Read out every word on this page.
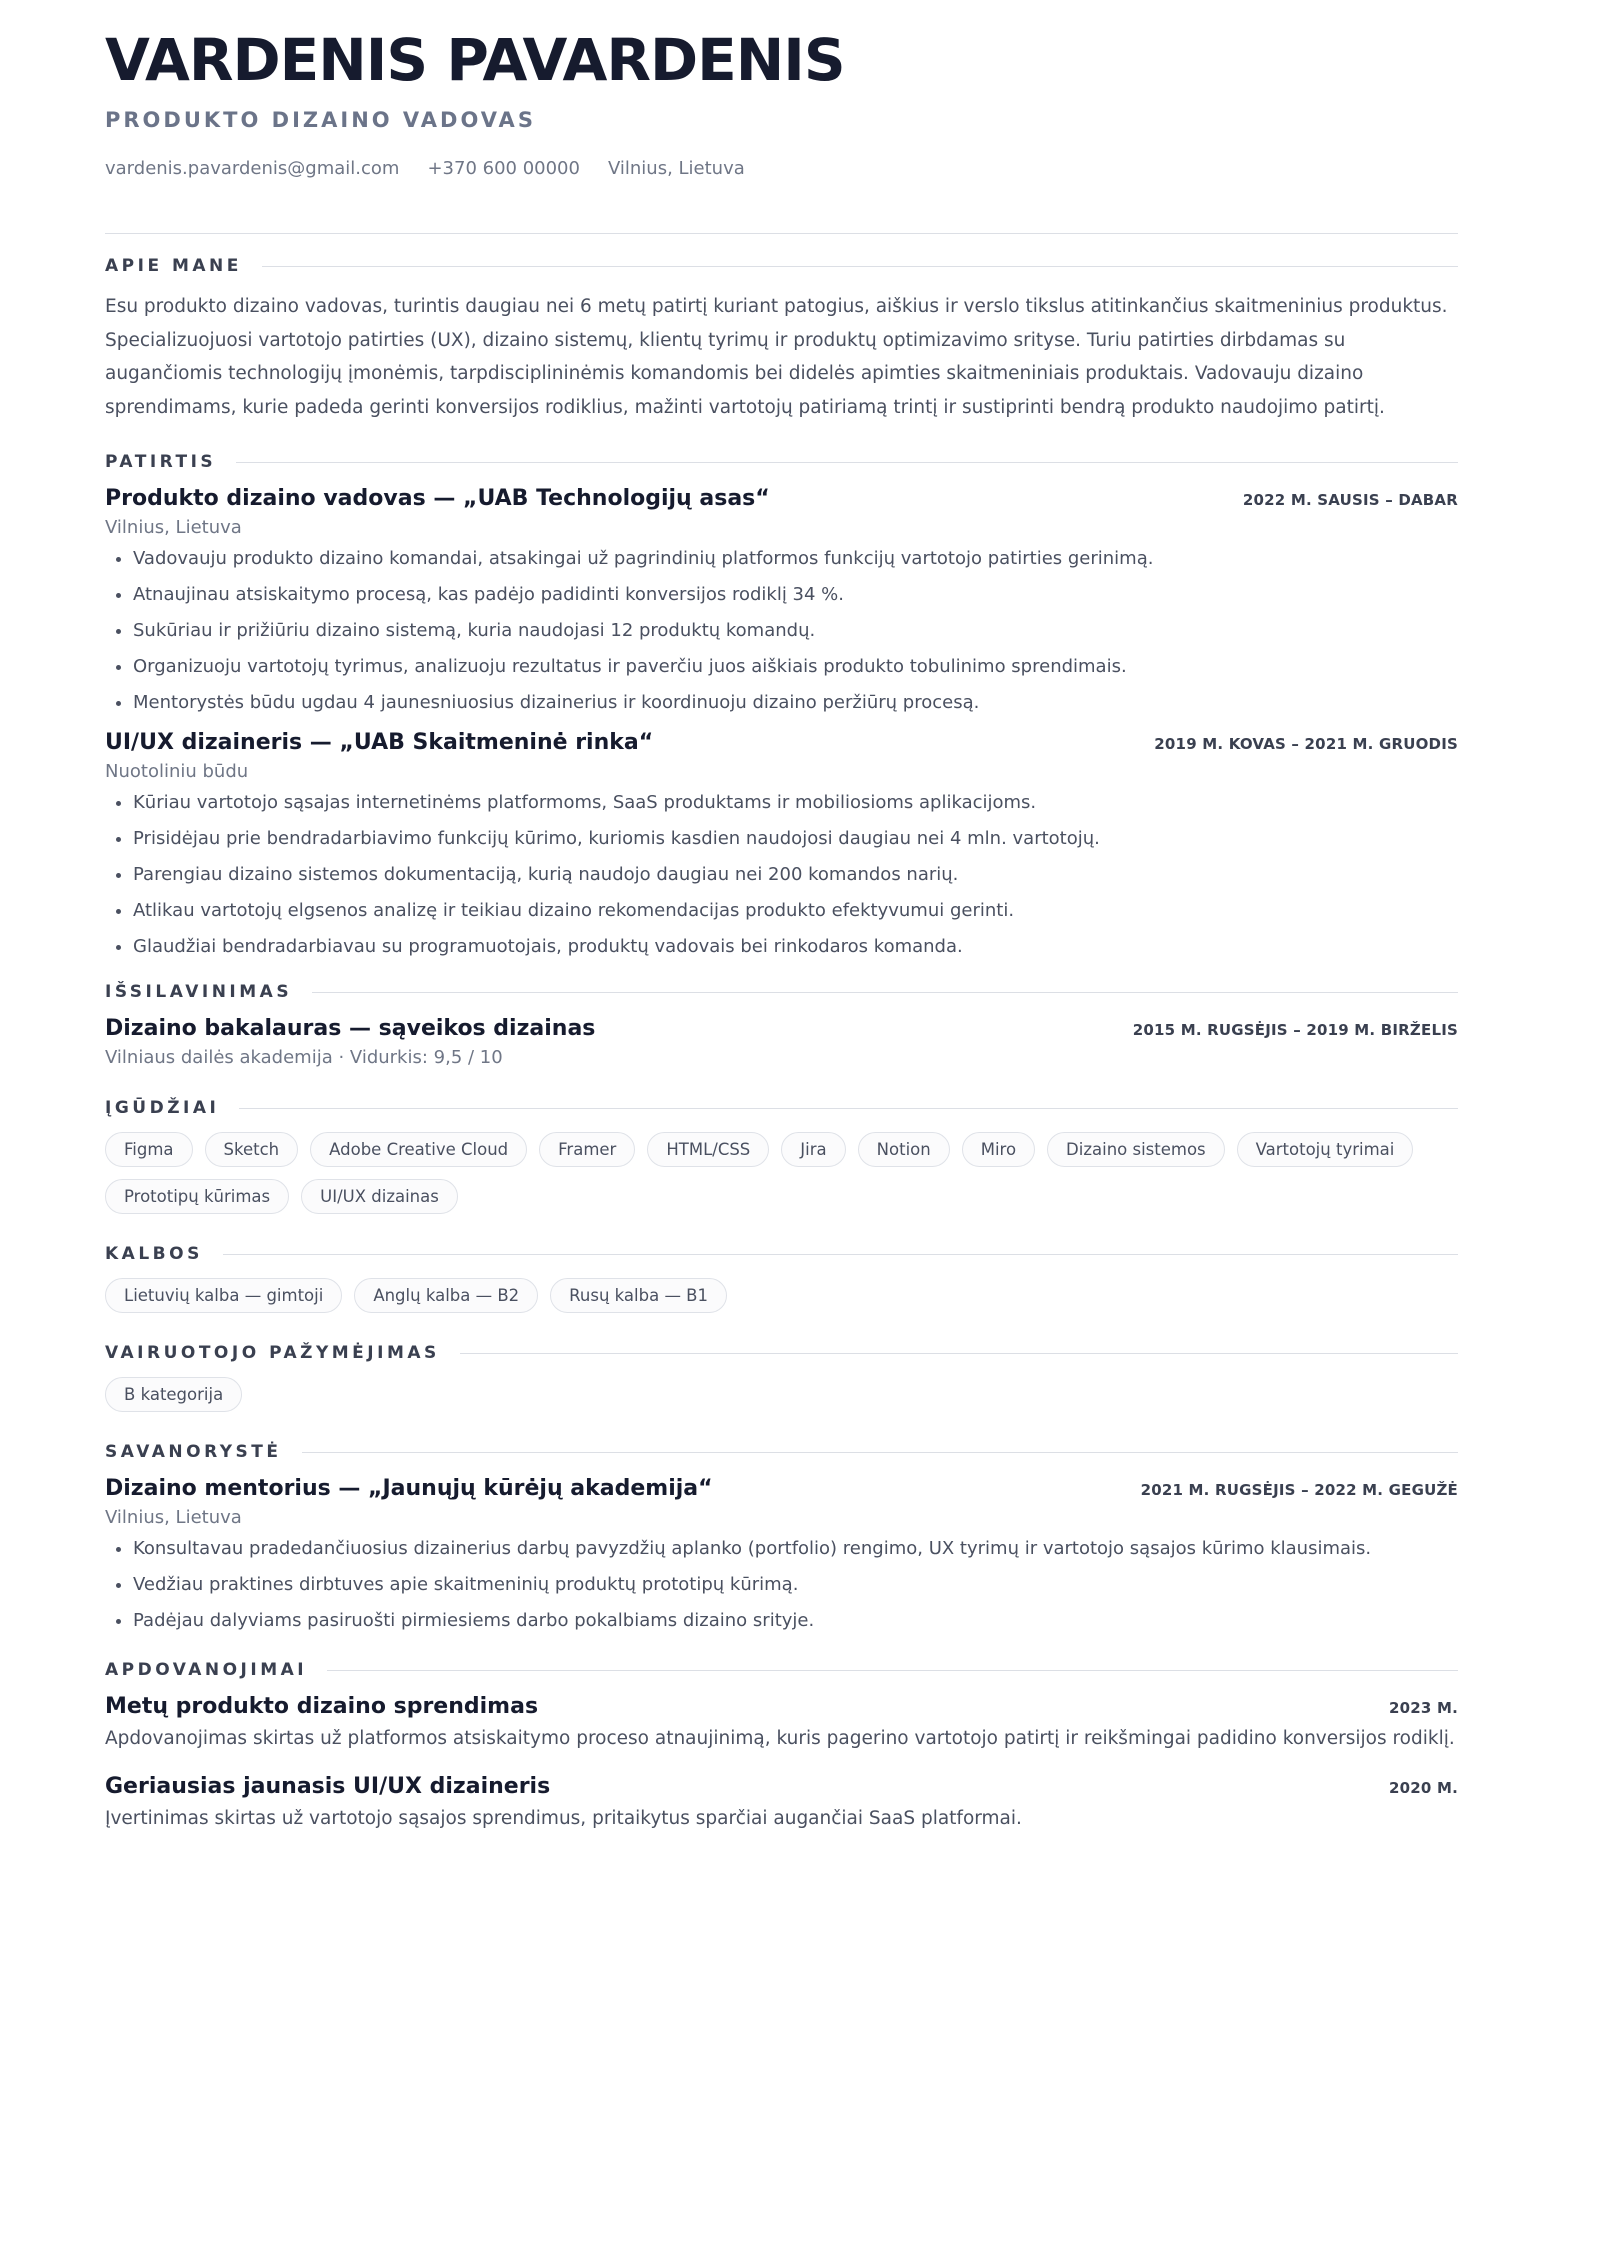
VARDENIS PAVARDENIS
PRODUKTO DIZAINO VADOVAS
vardenis.pavardenis@gmail.com +370 600 00000 Vilnius, Lietuva
APIE MANE
Esu produkto dizaino vadovas, turintis daugiau nei 6 metų patirtį kuriant patogius, aiškius ir verslo tikslus atitinkančius skaitmeninius produktus. Specializuojuosi vartotojo patirties (UX), dizaino sistemų, klientų tyrimų ir produktų optimizavimo srityse. Turiu patirties dirbdamas su augančiomis technologijų įmonėmis, tarpdisciplininėmis komandomis bei didelės apimties skaitmeniniais produktais. Vadovauju dizaino sprendimams, kurie padeda gerinti konversijos rodiklius, mažinti vartotojų patiriamą trintį ir sustiprinti bendrą produkto naudojimo patirtį.
PATIRTIS
Produkto dizaino vadovas — „UAB Technologijų asas“	2022 M. SAUSIS – DABAR
Vilnius, Lietuva
• Vadovauju produkto dizaino komandai, atsakingai už pagrindinių platformos funkcijų vartotojo patirties gerinimą.
• Atnaujinau atsiskaitymo procesą, kas padėjo padidinti konversijos rodiklį 34 %.
• Sukūriau ir prižiūriu dizaino sistemą, kuria naudojasi 12 produktų komandų.
• Organizuoju vartotojų tyrimus, analizuoju rezultatus ir paverčiu juos aiškiais produkto tobulinimo sprendimais.
• Mentorystės būdu ugdau 4 jaunesniuosius dizainerius ir koordinuoju dizaino peržiūrų procesą.
UI/UX dizaineris — „UAB Skaitmeninė rinka“	2019 M. KOVAS – 2021 M. GRUODIS
Nuotoliniu būdu
• Kūriau vartotojo sąsajas internetinėms platformoms, SaaS produktams ir mobiliosioms aplikacijoms.
• Prisidėjau prie bendradarbiavimo funkcijų kūrimo, kuriomis kasdien naudojosi daugiau nei 4 mln. vartotojų.
• Parengiau dizaino sistemos dokumentaciją, kurią naudojo daugiau nei 200 komandos narių.
• Atlikau vartotojų elgsenos analizę ir teikiau dizaino rekomendacijas produkto efektyvumui gerinti.
• Glaudžiai bendradarbiavau su programuotojais, produktų vadovais bei rinkodaros komanda.
IŠSILAVINIMAS
Dizaino bakalauras — sąveikos dizainas	2015 M. RUGSĖJIS – 2019 M. BIRŽELIS
Vilniaus dailės akademija · Vidurkis: 9,5 / 10
ĮGŪDŽIAI
Figma	Sketch	Adobe Creative Cloud	Framer	HTML/CSS	Jira	Notion	Miro	Dizaino sistemos	Vartotojų tyrimai
Prototipų kūrimas	UI/UX dizainas
KALBOS
Lietuvių kalba — gimtoji	Anglų kalba — B2	Rusų kalba — B1
VAIRUOTOJO PAŽYMĖJIMAS
B kategorija
SAVANORYSTĖ
Dizaino mentorius — „Jaunųjų kūrėjų akademija“	2021 M. RUGSĖJIS – 2022 M. GEGUŽĖ
Vilnius, Lietuva
• Konsultavau pradedančiuosius dizainerius darbų pavyzdžių aplanko (portfolio) rengimo, UX tyrimų ir vartotojo sąsajos kūrimo klausimais.
• Vedžiau praktines dirbtuves apie skaitmeninių produktų prototipų kūrimą.
• Padėjau dalyviams pasiruošti pirmiesiems darbo pokalbiams dizaino srityje.
APDOVANOJIMAI
Metų produkto dizaino sprendimas	2023 M.
Apdovanojimas skirtas už platformos atsiskaitymo proceso atnaujinimą, kuris pagerino vartotojo patirtį ir reikšmingai padidino konversijos rodiklį.
Geriausias jaunasis UI/UX dizaineris	2020 M.
Įvertinimas skirtas už vartotojo sąsajos sprendimus, pritaikytus sparčiai augančiai SaaS platformai.
